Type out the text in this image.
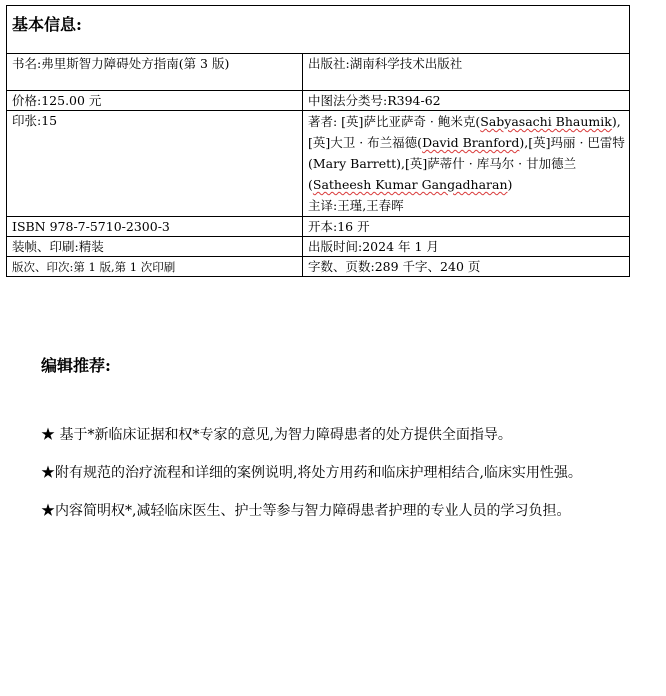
基本信息:	
书名:弗里斯智力障碍处方指南(第 3 版)	出版社:湖南科学技术出版社
价格:125.00 元	中图法分类号:R394-62
印张:15	著者: [英]萨比亚萨奇 · 鲍米克(Sabyasachi Bhaumik),[英]大卫 · 布兰福德(David Branford),[英]玛丽 · 巴雷特(Mary Barrett),[英]萨蒂什 · 库马尔 · 甘加德兰(Satheesh Kumar Gangadharan)
主译:王瑾,王春晖
ISBN 978-7-5710-2300-3	开本:16 开
装帧、印刷:精装	出版时间:2024 年 1 月
版次、印次:第 1 版,第 1 次印刷	字数、页数:289 千字、240 页
编辑推荐:
★ 基于*新临床证据和权*专家的意见,为智力障碍患者的处方提供全面指导。
★附有规范的治疗流程和详细的案例说明,将处方用药和临床护理相结合,临床实用性强。
★内容简明权*,减轻临床医生、护士等参与智力障碍患者护理的专业人员的学习负担。
